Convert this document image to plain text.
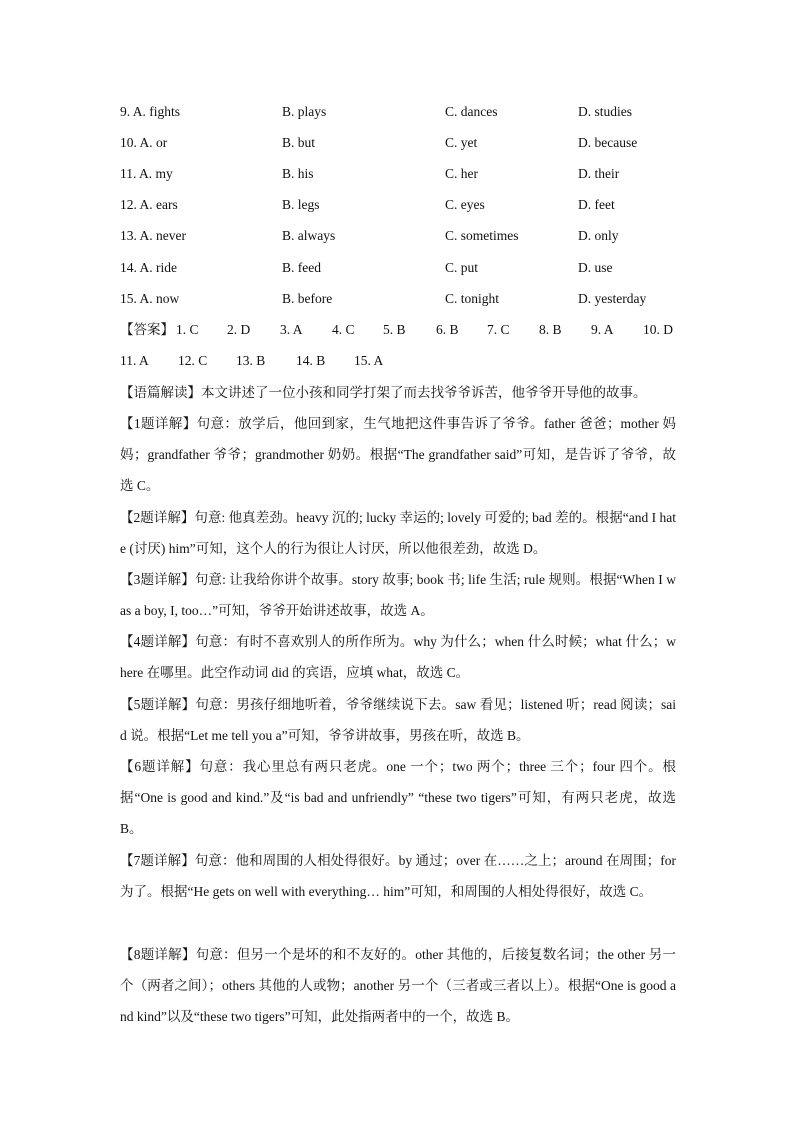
9. A. fights	B. plays	C. dances	D. studies
10. A. or	B. but	C. yet	D. because
11. A. my	B. his	C. her	D. their
12. A. ears	B. legs	C. eyes	D. feet
13. A. never	B. always	C. sometimes	D. only
14. A. ride	B. feed	C. put	D. use
15. A. now	B. before	C. tonight	D. yesterday
【答案】 1. C 2. D 3. A 4. C 5. B 6. B 7. C 8. B 9. A 10. D
11. A 12. C 13. B 14. B 15. A
【语篇解读】本文讲述了一位小孩和同学打架了而去找爷爷诉苦，他爷爷开导他的故事。
【1题详解】句意：放学后，他回到家，生气地把这件事告诉了爷爷。father 爸爸；mother 妈妈；grandfather 爷爷；grandmother 奶奶。根据“The grandfather said”可知，是告诉了爷爷，故选 C。
【2题详解】句意: 他真差劲。heavy 沉的; lucky 幸运的; lovely 可爱的; bad 差的。根据“and I hate (讨厌) him”可知，这个人的行为很让人讨厌，所以他很差劲，故选 D。
【3题详解】句意: 让我给你讲个故事。story 故事; book 书; life 生活; rule 规则。根据“When I was a boy, I, too…”可知，爷爷开始讲述故事，故选 A。
【4题详解】句意：有时不喜欢别人的所作所为。why 为什么；when 什么时候；what 什么；where 在哪里。此空作动词 did 的宾语，应填 what，故选 C。
【5题详解】句意：男孩仔细地听着，爷爷继续说下去。saw 看见；listened 听；read 阅读；said 说。根据“Let me tell you a”可知，爷爷讲故事，男孩在听，故选 B。
【6题详解】句意：我心里总有两只老虎。one 一个；two 两个；three 三个；four 四个。根据“One is good and kind.”及“is bad and unfriendly” “these two tigers”可知，有两只老虎，故选 B。
【7题详解】句意：他和周围的人相处得很好。by 通过；over 在……之上；around 在周围；for 为了。根据“He gets on well with everything… him”可知，和周围的人相处得很好，故选 C。
【8题详解】句意：但另一个是坏的和不友好的。other 其他的，后接复数名词；the other 另一个（两者之间）；others 其他的人或物；another 另一个（三者或三者以上）。根据“One is good and kind”以及“these two tigers”可知，此处指两者中的一个，故选 B。
